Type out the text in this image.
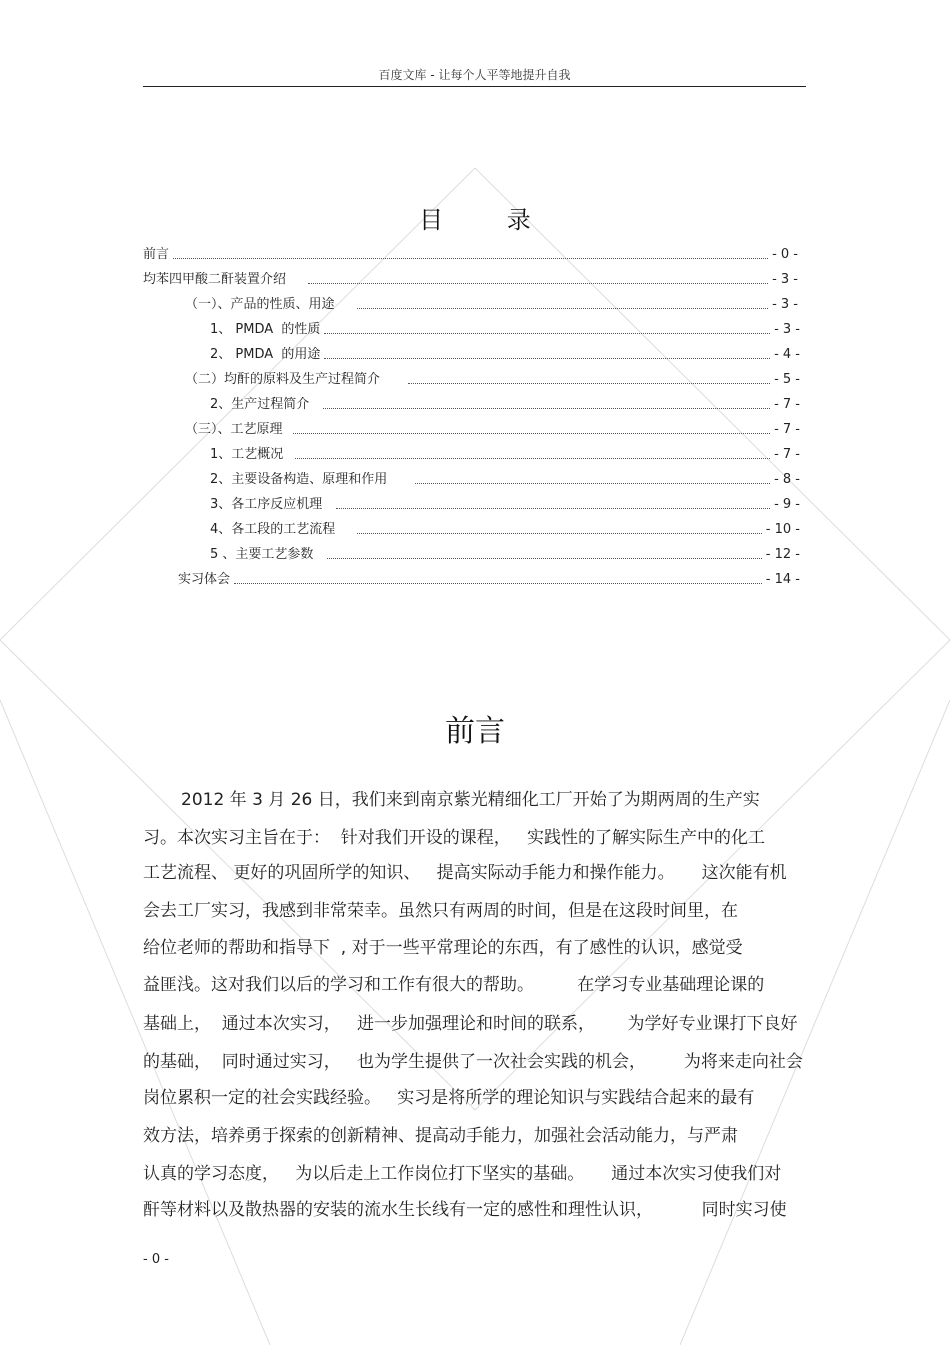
百度文库 - 让每个人平等地提升自我
目 录
前言	- 0 -
均苯四甲酸二酐装置介绍	- 3 -
（一）、产品的性质、用途	- 3 -
1、 PMDA  的性质	- 3 -
2、 PMDA  的用途	- 4 -
（二）均酐的原料及生产过程简介	- 5 -
2、生产过程简介	- 7 -
（三）、工艺原理	- 7 -
1、工艺概况	- 7 -
2、主要设备构造、原理和作用	- 8 -
3、各工序反应机理	- 9 -
4、各工段的工艺流程	- 10 -
5 、主要工艺参数	- 12 -
实习体会	- 14 -
前言
2012 年 3 月 26 日，我们来到南京紫光精细化工厂开始了为期两周的生产实
习。本次实习主旨在于：  针对我们开设的课程，   实践性的了解实际生产中的化工
工艺流程、 更好的巩固所学的知识、   提高实际动手能力和操作能力。     这次能有机
会去工厂实习，我感到非常荣幸。虽然只有两周的时间，但是在这段时间里，在
给位老师的帮助和指导下  , 对于一些平常理论的东西，有了感性的认识，感觉受
益匪浅。这对我们以后的学习和工作有很大的帮助。        在学习专业基础理论课的
基础上，  通过本次实习，   进一步加强理论和时间的联系，      为学好专业课打下良好
的基础，  同时通过实习，   也为学生提供了一次社会实践的机会，       为将来走向社会
岗位累积一定的社会实践经验。   实习是将所学的理论知识与实践结合起来的最有
效方法，培养勇于探索的创新精神、提高动手能力，加强社会活动能力，与严肃
认真的学习态度，   为以后走上工作岗位打下坚实的基础。     通过本次实习使我们对
酐等材料以及散热器的安装的流水生长线有一定的感性和理性认识，         同时实习使
- 0 -
